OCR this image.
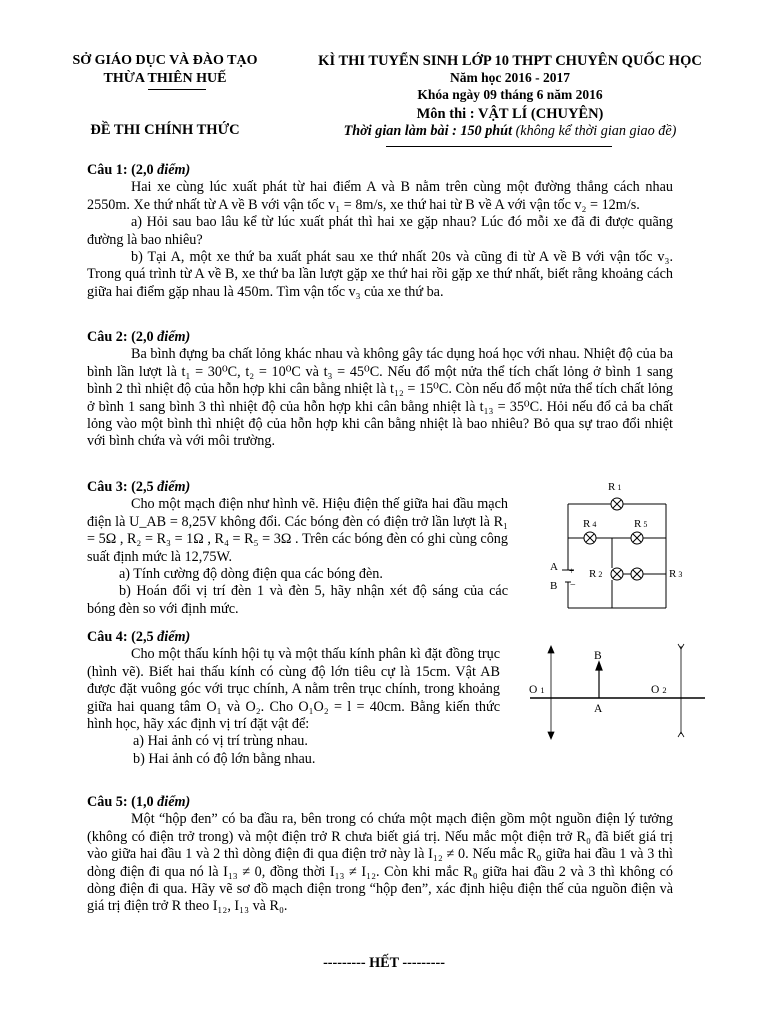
SỞ GIÁO DỤC VÀ ĐÀO TẠO
THỪA THIÊN HUẾ
ĐỀ THI CHÍNH THỨC
KÌ THI TUYỂN SINH LỚP 10 THPT CHUYÊN QUỐC HỌC
Năm học 2016 - 2017
Khóa ngày 09 tháng 6 năm 2016
Môn thi : VẬT LÍ (CHUYÊN)
Thời gian làm bài : 150 phút (không kể thời gian giao đề)
Câu 1: (2,0 điểm)
Hai xe cùng lúc xuất phát từ hai điểm A và B nằm trên cùng một đường thẳng cách nhau 2550m. Xe thứ nhất từ A về B với vận tốc v₁ = 8m/s, xe thứ hai từ B về A với vận tốc v₂ = 12m/s.
a) Hỏi sau bao lâu kể từ lúc xuất phát thì hai xe gặp nhau? Lúc đó mỗi xe đã đi được quãng đường là bao nhiêu?
b) Tại A, một xe thứ ba xuất phát sau xe thứ nhất 20s và cũng đi từ A về B với vận tốc v₃. Trong quá trình từ A về B, xe thứ ba lần lượt gặp xe thứ hai rồi gặp xe thứ nhất, biết rằng khoảng cách giữa hai điểm gặp nhau là 450m. Tìm vận tốc v₃ của xe thứ ba.
Câu 2: (2,0 điểm)
Ba bình đựng ba chất lỏng khác nhau và không gây tác dụng hoá học với nhau. Nhiệt độ của ba bình lần lượt là t₁ = 30⁰C, t₂ = 10⁰C và t₃ = 45⁰C. Nếu đổ một nửa thể tích chất lỏng ở bình 1 sang bình 2 thì nhiệt độ của hỗn hợp khi cân bằng nhiệt là t₁₂ = 15⁰C. Còn nếu đổ một nửa thể tích chất lỏng ở bình 1 sang bình 3 thì nhiệt độ của hỗn hợp khi cân bằng nhiệt là t₁₃ = 35⁰C. Hỏi nếu đổ cả ba chất lỏng vào một bình thì nhiệt độ của hỗn hợp khi cân bằng nhiệt là bao nhiêu? Bỏ qua sự trao đổi nhiệt với bình chứa và với môi trường.
Câu 3: (2,5 điểm)
Cho một mạch điện như hình vẽ. Hiệu điện thế giữa hai đầu mạch điện là U_AB = 8,25V không đổi. Các bóng đèn có điện trở lần lượt là R₁ = 5Ω , R₂ = R₃ = 1Ω , R₄ = R₅ = 3Ω . Trên các bóng đèn có ghi cùng công suất định mức là 12,75W.
a) Tính cường độ dòng điện qua các bóng đèn.
b) Hoán đổi vị trí đèn 1 và đèn 5, hãy nhận xét độ sáng của các bóng đèn so với định mức.
R 1
R 4	R 5
R 2	R 3
A
B
+
−
Câu 4: (2,5 điểm)
Cho một thấu kính hội tụ và một thấu kính phân kì đặt đồng trục (hình vẽ). Biết hai thấu kính có cùng độ lớn tiêu cự là 15cm. Vật AB được đặt vuông góc với trục chính, A nằm trên trục chính, trong khoảng giữa hai quang tâm O₁ và O₂. Cho O₁O₂ = l = 40cm. Bằng kiến thức hình học, hãy xác định vị trí đặt vật để:
a) Hai ảnh có vị trí trùng nhau.
b) Hai ảnh có độ lớn bằng nhau.
O 1	O 2
B
A
Câu 5: (1,0 điểm)
Một “hộp đen” có ba đầu ra, bên trong có chứa một mạch điện gồm một nguồn điện lý tưởng (không có điện trở trong) và một điện trở R chưa biết giá trị. Nếu mắc một điện trở R₀ đã biết giá trị vào giữa hai đầu 1 và 2 thì dòng điện đi qua điện trở này là I₁₂ ≠ 0. Nếu mắc R₀ giữa hai đầu 1 và 3 thì dòng điện đi qua nó là I₁₃ ≠ 0, đồng thời I₁₃ ≠ I₁₂. Còn khi mắc R₀ giữa hai đầu 2 và 3 thì không có dòng điện đi qua. Hãy vẽ sơ đồ mạch điện trong “hộp đen”, xác định hiệu điện thế của nguồn điện và giá trị điện trở R theo I₁₂, I₁₃ và R₀.
--------- HẾT ---------
